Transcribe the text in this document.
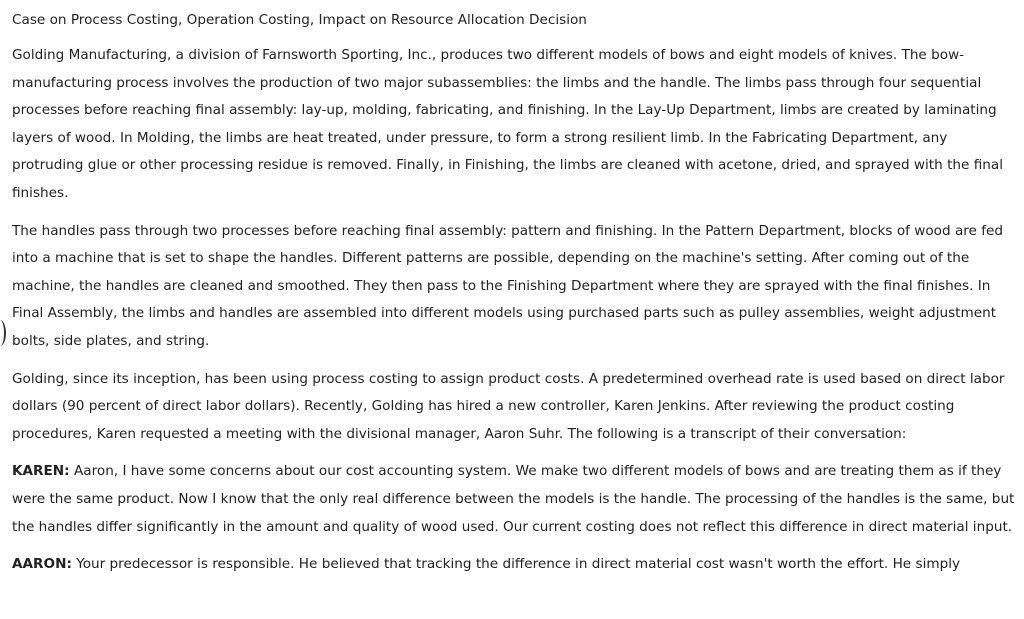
Case on Process Costing, Operation Costing, Impact on Resource Allocation Decision

Golding Manufacturing, a division of Farnsworth Sporting, Inc., produces two different models of bows and eight models of knives. The bow-manufacturing process involves the production of two major subassemblies: the limbs and the handle. The limbs pass through four sequential processes before reaching final assembly: lay-up, molding, fabricating, and finishing. In the Lay-Up Department, limbs are created by laminating layers of wood. In Molding, the limbs are heat treated, under pressure, to form a strong resilient limb. In the Fabricating Department, any protruding glue or other processing residue is removed. Finally, in Finishing, the limbs are cleaned with acetone, dried, and sprayed with the final finishes.

The handles pass through two processes before reaching final assembly: pattern and finishing. In the Pattern Department, blocks of wood are fed into a machine that is set to shape the handles. Different patterns are possible, depending on the machine's setting. After coming out of the machine, the handles are cleaned and smoothed. They then pass to the Finishing Department where they are sprayed with the final finishes. In Final Assembly, the limbs and handles are assembled into different models using purchased parts such as pulley assemblies, weight adjustment bolts, side plates, and string.

Golding, since its inception, has been using process costing to assign product costs. A predetermined overhead rate is used based on direct labor dollars (90 percent of direct labor dollars). Recently, Golding has hired a new controller, Karen Jenkins. After reviewing the product costing procedures, Karen requested a meeting with the divisional manager, Aaron Suhr. The following is a transcript of their conversation:

KAREN: Aaron, I have some concerns about our cost accounting system. We make two different models of bows and are treating them as if they were the same product. Now I know that the only real difference between the models is the handle. The processing of the handles is the same, but the handles differ significantly in the amount and quality of wood used. Our current costing does not reflect this difference in direct material input.

AARON: Your predecessor is responsible. He believed that tracking the difference in direct material cost wasn't worth the effort. He simply
